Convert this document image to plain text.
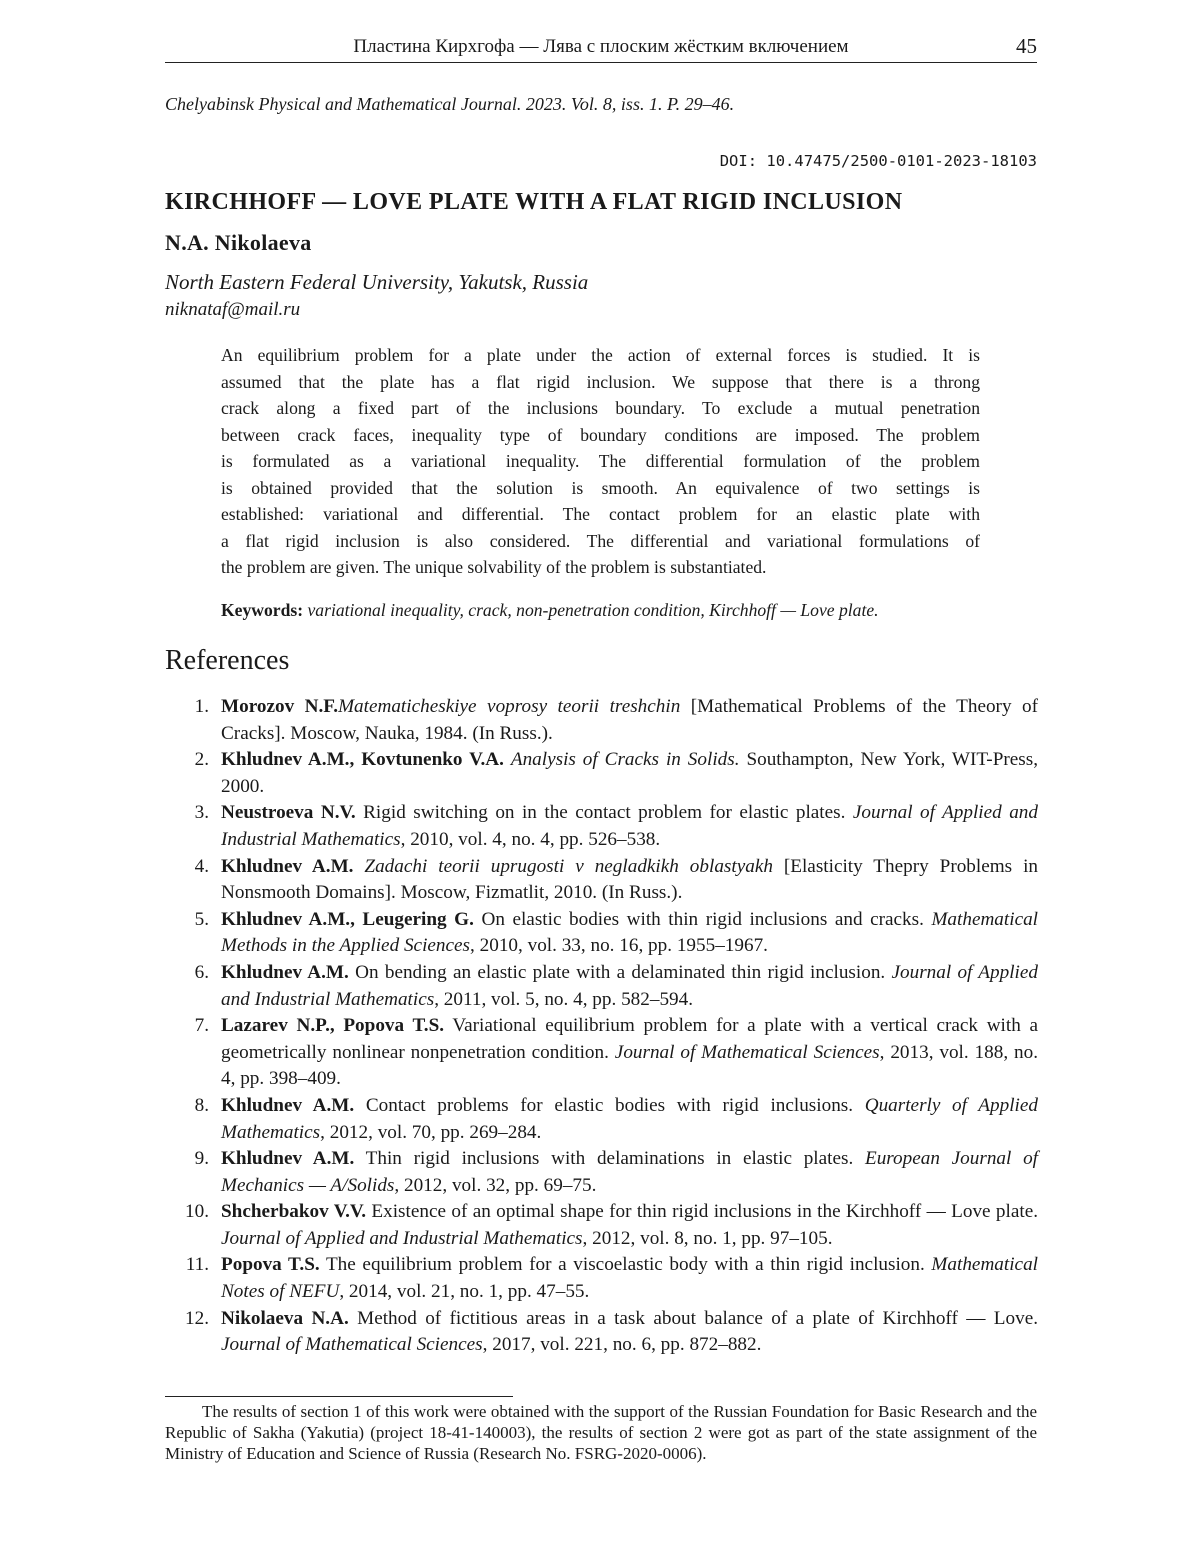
Пластина Кирхгофа — Лява с плоским жёстким включением	45
Chelyabinsk Physical and Mathematical Journal. 2023. Vol. 8, iss. 1. P. 29–46.
DOI: 10.47475/2500-0101-2023-18103
KIRCHHOFF — LOVE PLATE WITH A FLAT RIGID INCLUSION
N.A. Nikolaeva
North Eastern Federal University, Yakutsk, Russia
niknataf@mail.ru
An equilibrium problem for a plate under the action of external forces is studied. It is
assumed that the plate has a flat rigid inclusion. We suppose that there is a throng
crack along a fixed part of the inclusions boundary. To exclude a mutual penetration
between crack faces, inequality type of boundary conditions are imposed. The problem
is formulated as a variational inequality. The differential formulation of the problem
is obtained provided that the solution is smooth. An equivalence of two settings is
established: variational and differential. The contact problem for an elastic plate with
a flat rigid inclusion is also considered. The differential and variational formulations of
the problem are given. The unique solvability of the problem is substantiated.
Keywords: variational inequality, crack, non-penetration condition, Kirchhoff — Love plate.
References
1. Morozov N.F.Matematicheskiye voprosy teorii treshchin [Mathematical Problems of the Theory of Cracks]. Moscow, Nauka, 1984. (In Russ.).
2. Khludnev A.M., Kovtunenko V.A. Analysis of Cracks in Solids. Southampton, New York, WIT-Press, 2000.
3. Neustroeva N.V. Rigid switching on in the contact problem for elastic plates. Journal of Applied and Industrial Mathematics, 2010, vol. 4, no. 4, pp. 526–538.
4. Khludnev A.M. Zadachi teorii uprugosti v negladkikh oblastyakh [Elasticity Thepry Problems in Nonsmooth Domains]. Moscow, Fizmatlit, 2010. (In Russ.).
5. Khludnev A.M., Leugering G. On elastic bodies with thin rigid inclusions and cracks. Mathematical Methods in the Applied Sciences, 2010, vol. 33, no. 16, pp. 1955–1967.
6. Khludnev A.M. On bending an elastic plate with a delaminated thin rigid inclusion. Journal of Applied and Industrial Mathematics, 2011, vol. 5, no. 4, pp. 582–594.
7. Lazarev N.P., Popova T.S. Variational equilibrium problem for a plate with a vertical crack with a geometrically nonlinear nonpenetration condition. Journal of Mathematical Sciences, 2013, vol. 188, no. 4, pp. 398–409.
8. Khludnev A.M. Contact problems for elastic bodies with rigid inclusions. Quarterly of Applied Mathematics, 2012, vol. 70, pp. 269–284.
9. Khludnev A.M. Thin rigid inclusions with delaminations in elastic plates. European Journal of Mechanics — A/Solids, 2012, vol. 32, pp. 69–75.
10. Shcherbakov V.V. Existence of an optimal shape for thin rigid inclusions in the Kirchhoff — Love plate. Journal of Applied and Industrial Mathematics, 2012, vol. 8, no. 1, pp. 97–105.
11. Popova T.S. The equilibrium problem for a viscoelastic body with a thin rigid inclusion. Mathematical Notes of NEFU, 2014, vol. 21, no. 1, pp. 47–55.
12. Nikolaeva N.A. Method of fictitious areas in a task about balance of a plate of Kirchhoff — Love. Journal of Mathematical Sciences, 2017, vol. 221, no. 6, pp. 872–882.
The results of section 1 of this work were obtained with the support of the Russian Foundation for Basic Research and the Republic of Sakha (Yakutia) (project 18-41-140003), the results of section 2 were got as part of the state assignment of the Ministry of Education and Science of Russia (Research No. FSRG-2020-0006).
